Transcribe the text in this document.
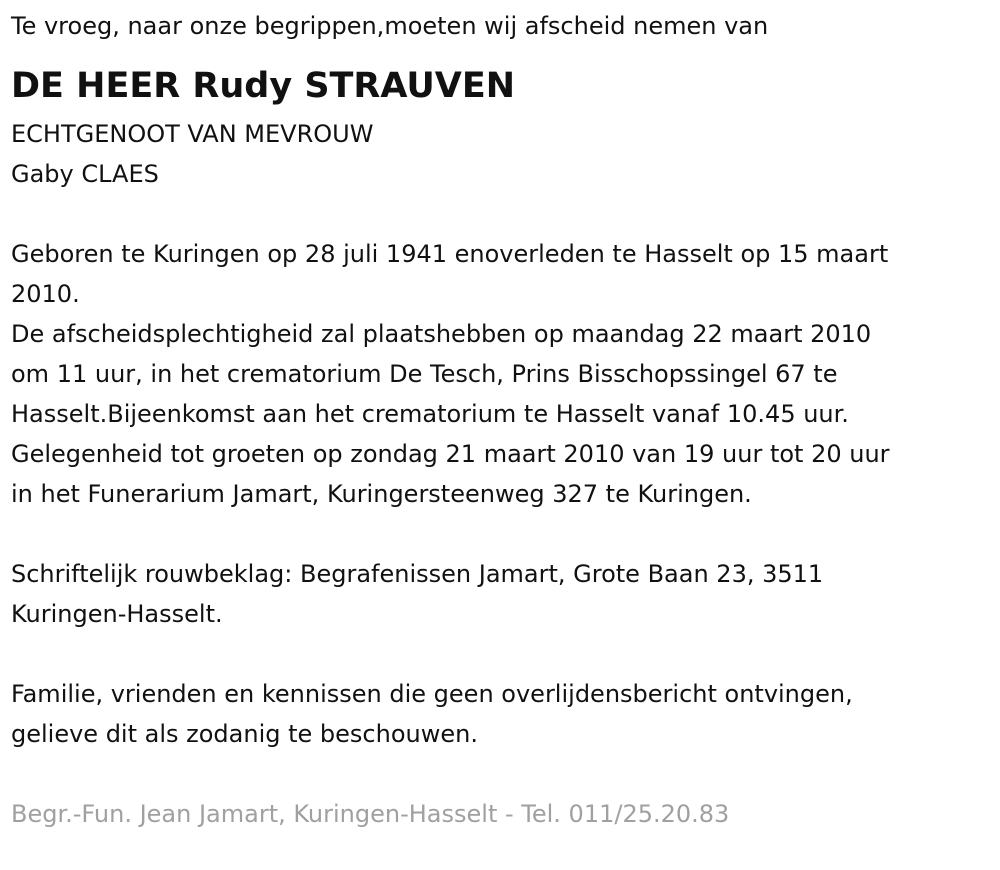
Te vroeg, naar onze begrippen,moeten wij afscheid nemen van

DE HEER Rudy STRAUVEN

ECHTGENOOT VAN MEVROUW

Gaby CLAES

Geboren te Kuringen op 28 juli 1941 enoverleden te Hasselt op 15 maart

2010.

De afscheidsplechtigheid zal plaatshebben op maandag 22 maart 2010

om 11 uur, in het crematorium De Tesch, Prins Bisschopssingel 67 te

Hasselt.Bijeenkomst aan het crematorium te Hasselt vanaf 10.45 uur.

Gelegenheid tot groeten op zondag 21 maart 2010 van 19 uur tot 20 uur

in het Funerarium Jamart, Kuringersteenweg 327 te Kuringen.

Schriftelijk rouwbeklag: Begrafenissen Jamart, Grote Baan 23, 3511

Kuringen-Hasselt.

Familie, vrienden en kennissen die geen overlijdensbericht ontvingen,

gelieve dit als zodanig te beschouwen.

Begr.-Fun. Jean Jamart, Kuringen-Hasselt - Tel. 011/25.20.83
